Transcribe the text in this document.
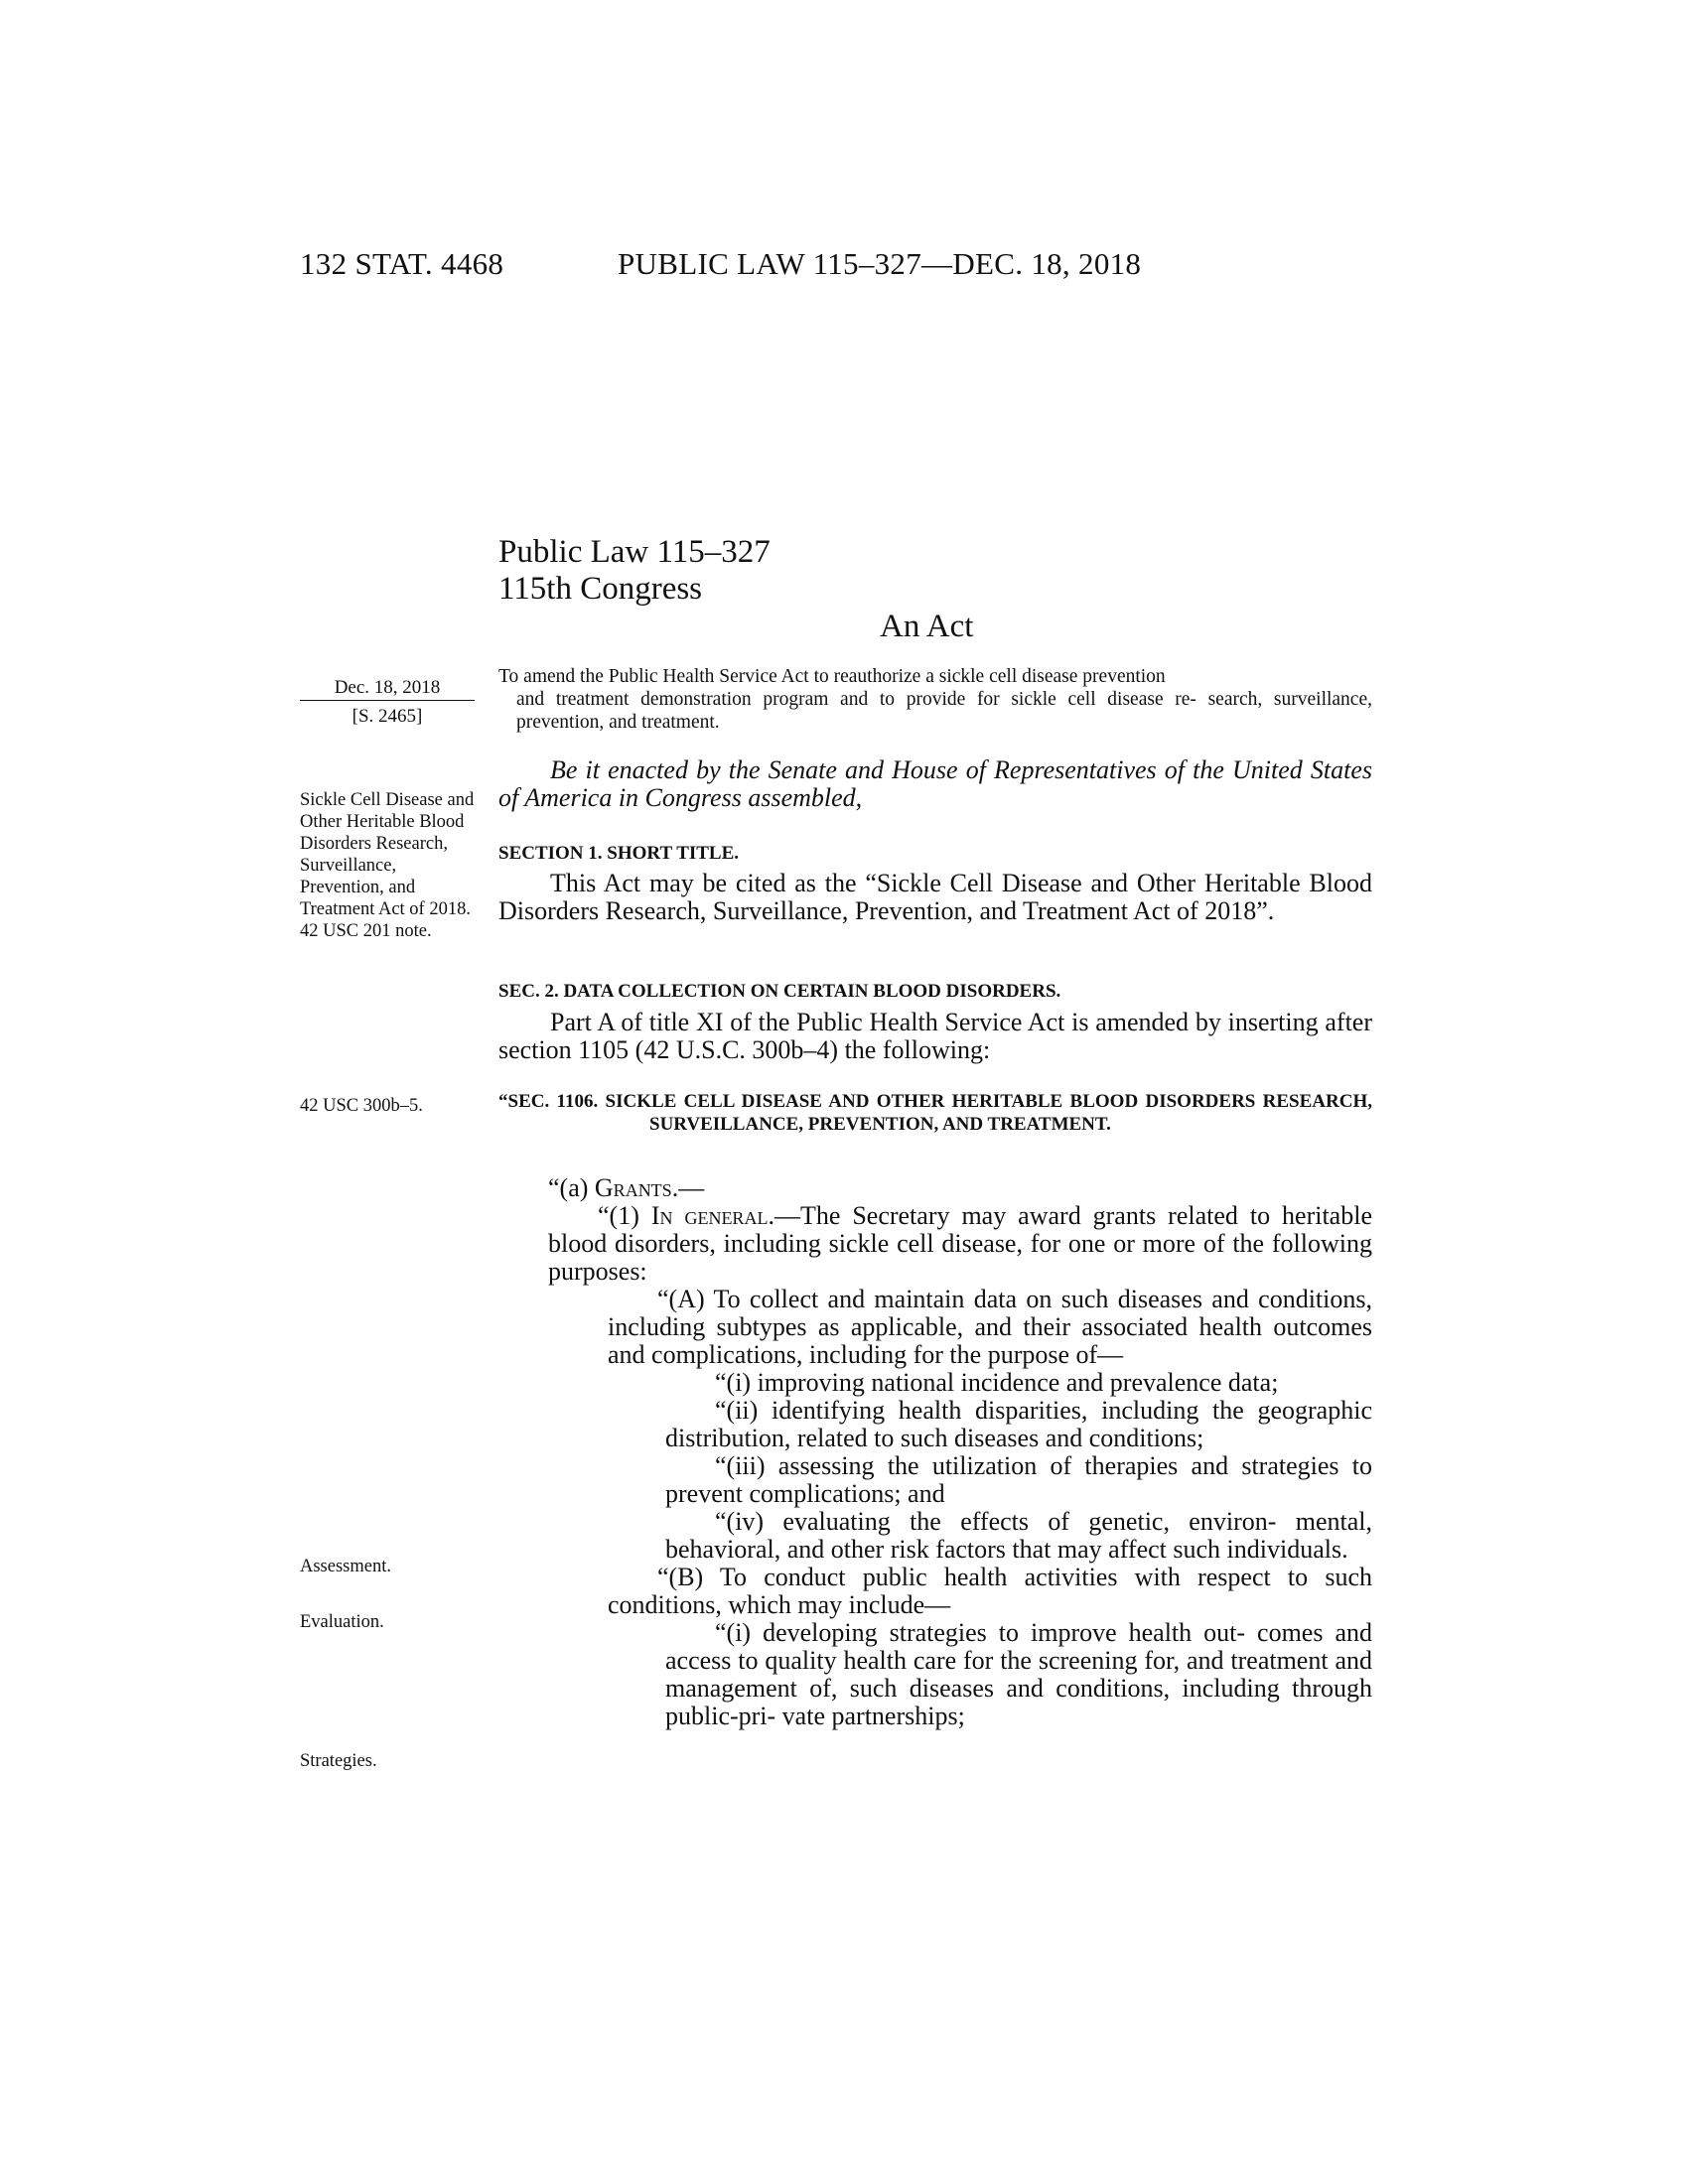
132 STAT. 4468	PUBLIC LAW 115–327—DEC. 18, 2018
Public Law 115–327
115th Congress
An Act
Dec. 18, 2018
[S. 2465]
Sickle Cell Disease and Other Heritable Blood Disorders Research, Surveillance, Prevention, and Treatment Act of 2018.
42 USC 201 note.
42 USC 300b–5.
Assessment.
Evaluation.
Strategies.
To amend the Public Health Service Act to reauthorize a sickle cell disease prevention
and treatment demonstration program and to provide for sickle cell disease re- search, surveillance, prevention, and treatment.

Be it enacted by the Senate and House of Representatives of the United States of America in Congress assembled,

SECTION 1. SHORT TITLE.

This Act may be cited as the “Sickle Cell Disease and Other Heritable Blood Disorders Research, Surveillance, Prevention, and Treatment Act of 2018”.

SEC. 2. DATA COLLECTION ON CERTAIN BLOOD DISORDERS.

Part A of title XI of the Public Health Service Act is amended by inserting after section 1105 (42 U.S.C. 300b–4) the following:

“SEC. 1106. SICKLE CELL DISEASE AND OTHER HERITABLE BLOOD DISORDERS RESEARCH, SURVEILLANCE, PREVENTION, AND TREATMENT.

“(a) Grants.—

“(1) In general.—The Secretary may award grants related to heritable blood disorders, including sickle cell disease, for one or more of the following purposes:

“(A) To collect and maintain data on such diseases and conditions, including subtypes as applicable, and their associated health outcomes and complications, including for the purpose of—

“(i) improving national incidence and prevalence data;

“(ii) identifying health disparities, including the geographic distribution, related to such diseases and conditions;

“(iii) assessing the utilization of therapies and strategies to prevent complications; and

“(iv) evaluating the effects of genetic, environ- mental, behavioral, and other risk factors that may affect such individuals.

“(B) To conduct public health activities with respect to such conditions, which may include—

“(i) developing strategies to improve health out- comes and access to quality health care for the screening for, and treatment and management of, such diseases and conditions, including through public-pri- vate partnerships;
